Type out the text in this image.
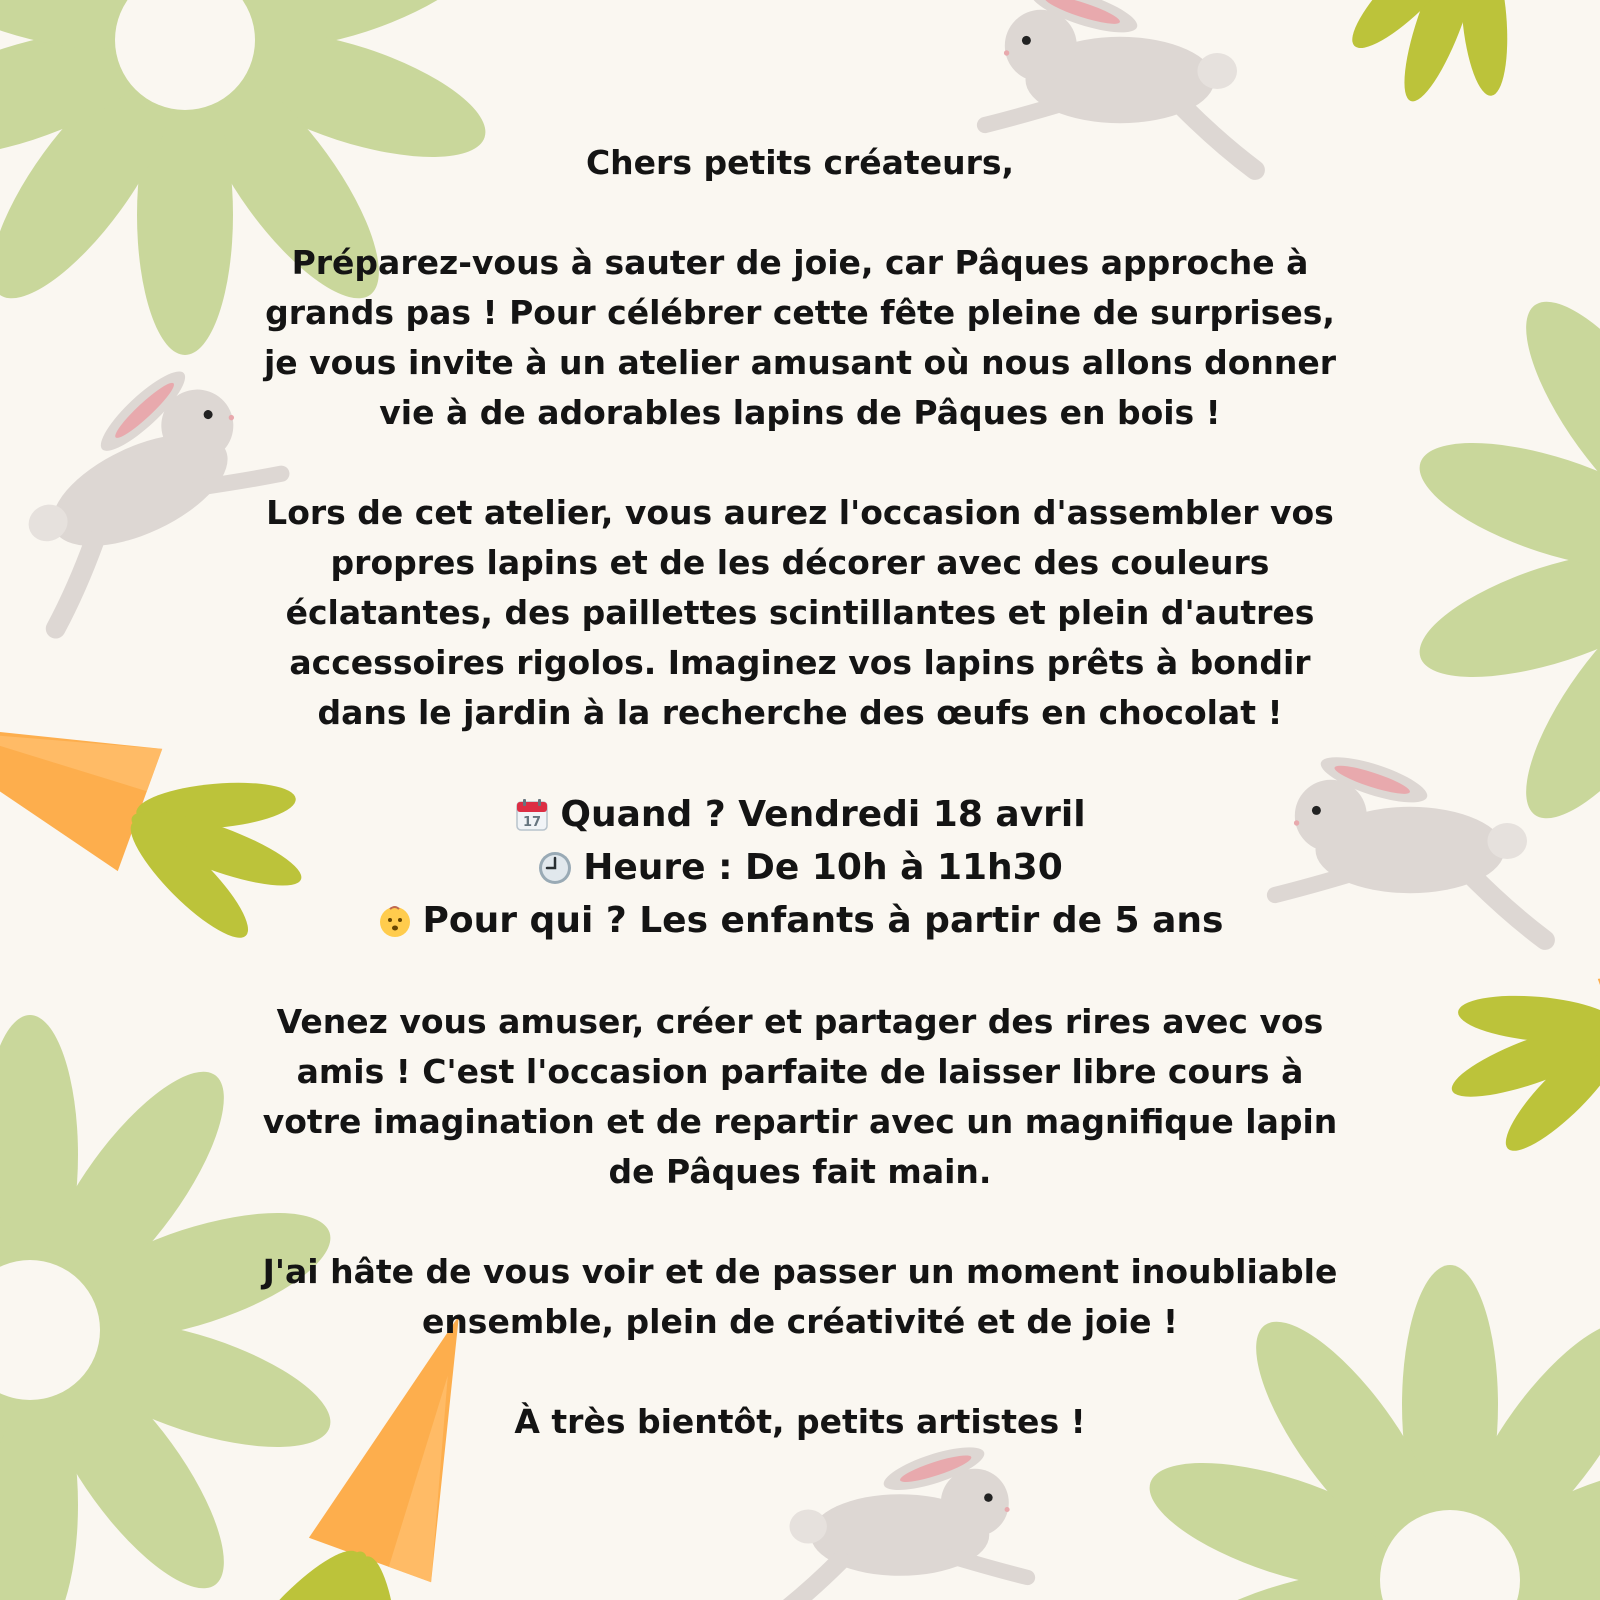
Chers petits créateurs,

Préparez-vous à sauter de joie, car Pâques approche à grands pas ! Pour célébrer cette fête pleine de surprises, je vous invite à un atelier amusant où nous allons donner vie à de adorables lapins de Pâques en bois !

Lors de cet atelier, vous aurez l'occasion d'assembler vos propres lapins et de les décorer avec des couleurs éclatantes, des paillettes scintillantes et plein d'autres accessoires rigolos. Imaginez vos lapins prêts à bondir dans le jardin à la recherche des œufs en chocolat !

17 Quand ? Vendredi 18 avril
Heure : De 10h à 11h30
Pour qui ? Les enfants à partir de 5 ans

Venez vous amuser, créer et partager des rires avec vos amis ! C'est l'occasion parfaite de laisser libre cours à votre imagination et de repartir avec un magnifique lapin de Pâques fait main.

J'ai hâte de vous voir et de passer un moment inoubliable ensemble, plein de créativité et de joie !

À très bientôt, petits artistes !
